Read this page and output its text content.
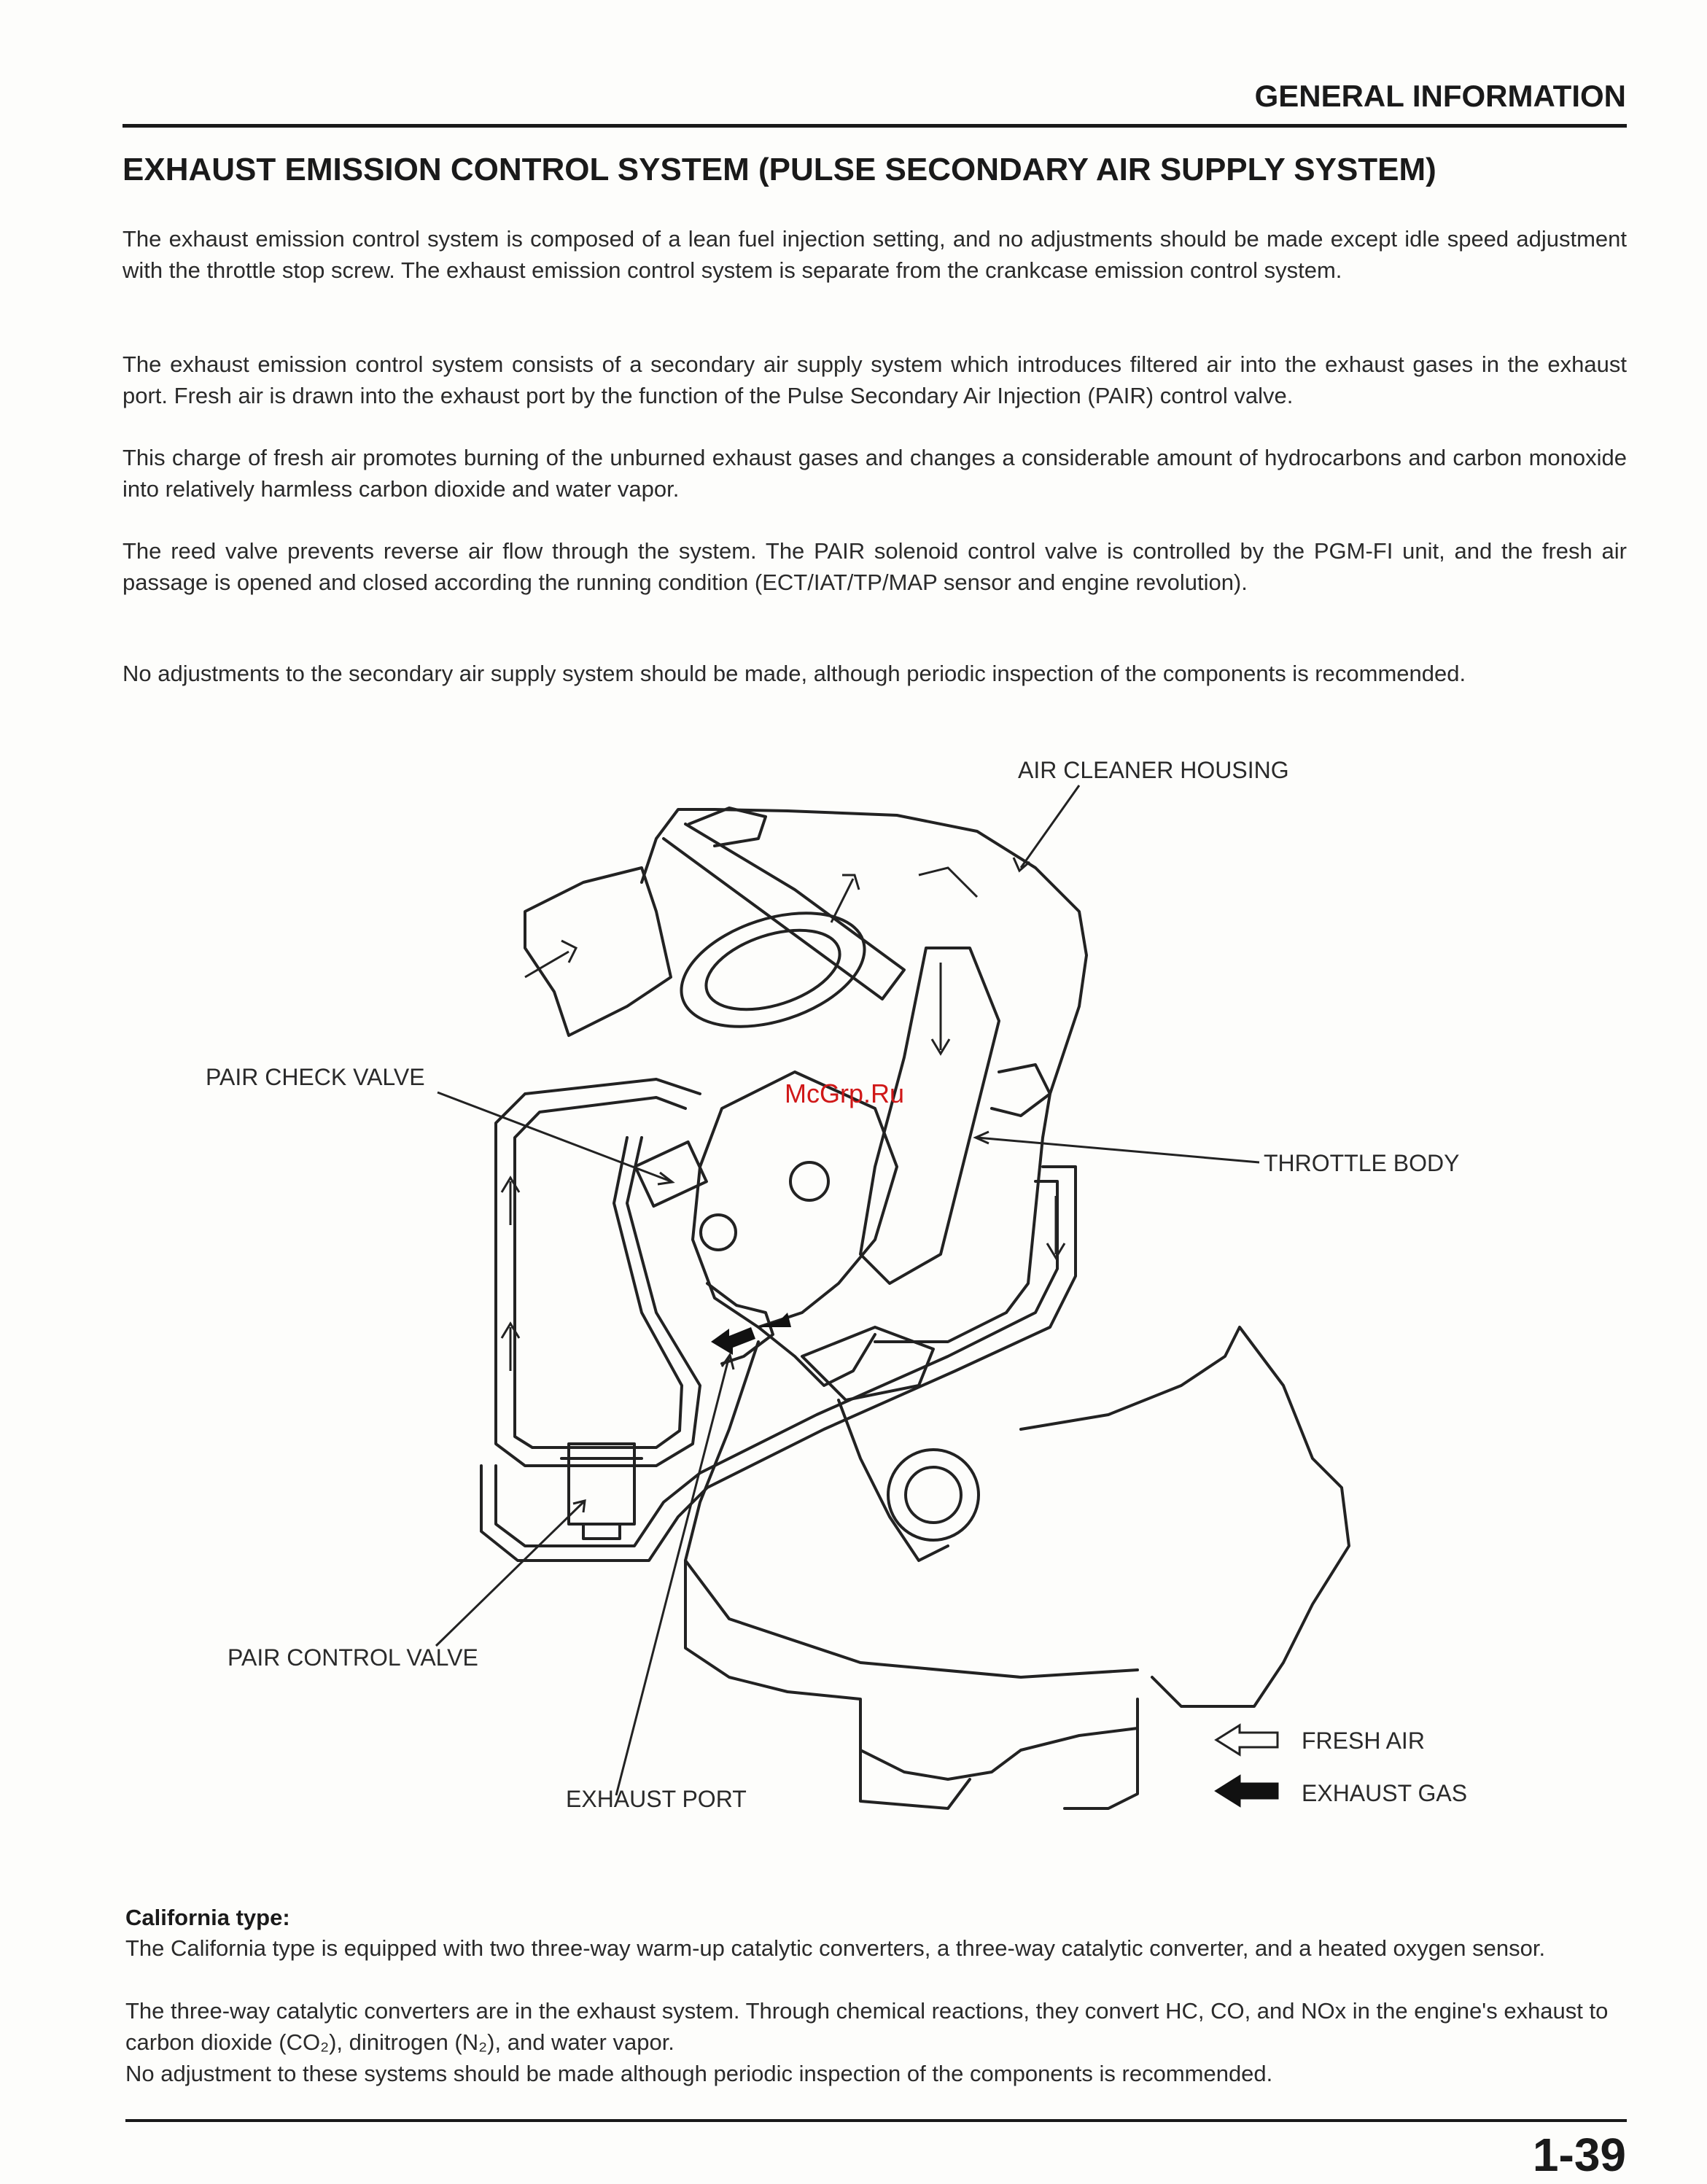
GENERAL INFORMATION
EXHAUST EMISSION CONTROL SYSTEM (PULSE SECONDARY AIR SUPPLY SYSTEM)

The exhaust emission control system is composed of a lean fuel injection setting, and no adjustments should be made except idle speed adjustment with the throttle stop screw. The exhaust emission control system is separate from the crankcase emission control system.

The exhaust emission control system consists of a secondary air supply system which introduces filtered air into the exhaust gases in the exhaust port. Fresh air is drawn into the exhaust port by the function of the Pulse Secondary Air Injection (PAIR) control valve.

This charge of fresh air promotes burning of the unburned exhaust gases and changes a considerable amount of hydrocarbons and carbon monoxide into relatively harmless carbon dioxide and water vapor.

The reed valve prevents reverse air flow through the system. The PAIR solenoid control valve is controlled by the PGM-FI unit, and the fresh air passage is opened and closed according the running condition (ECT/IAT/TP/MAP sensor and engine revolution).

No adjustments to the secondary air supply system should be made, although periodic inspection of the components is recommended.

AIR CLEANER HOUSING
PAIR CHECK VALVE
THROTTLE BODY
PAIR CONTROL VALVE
EXHAUST PORT
McGrp.Ru
FRESH AIR
EXHAUST GAS
California type:

The California type is equipped with two three-way warm-up catalytic converters, a three-way catalytic converter, and a heated oxygen sensor.

The three-way catalytic converters are in the exhaust system. Through chemical reactions, they convert HC, CO, and NOx in the engine's exhaust to carbon dioxide (CO₂), dinitrogen (N₂), and water vapor.

No adjustment to these systems should be made although periodic inspection of the components is recommended.

1-39
